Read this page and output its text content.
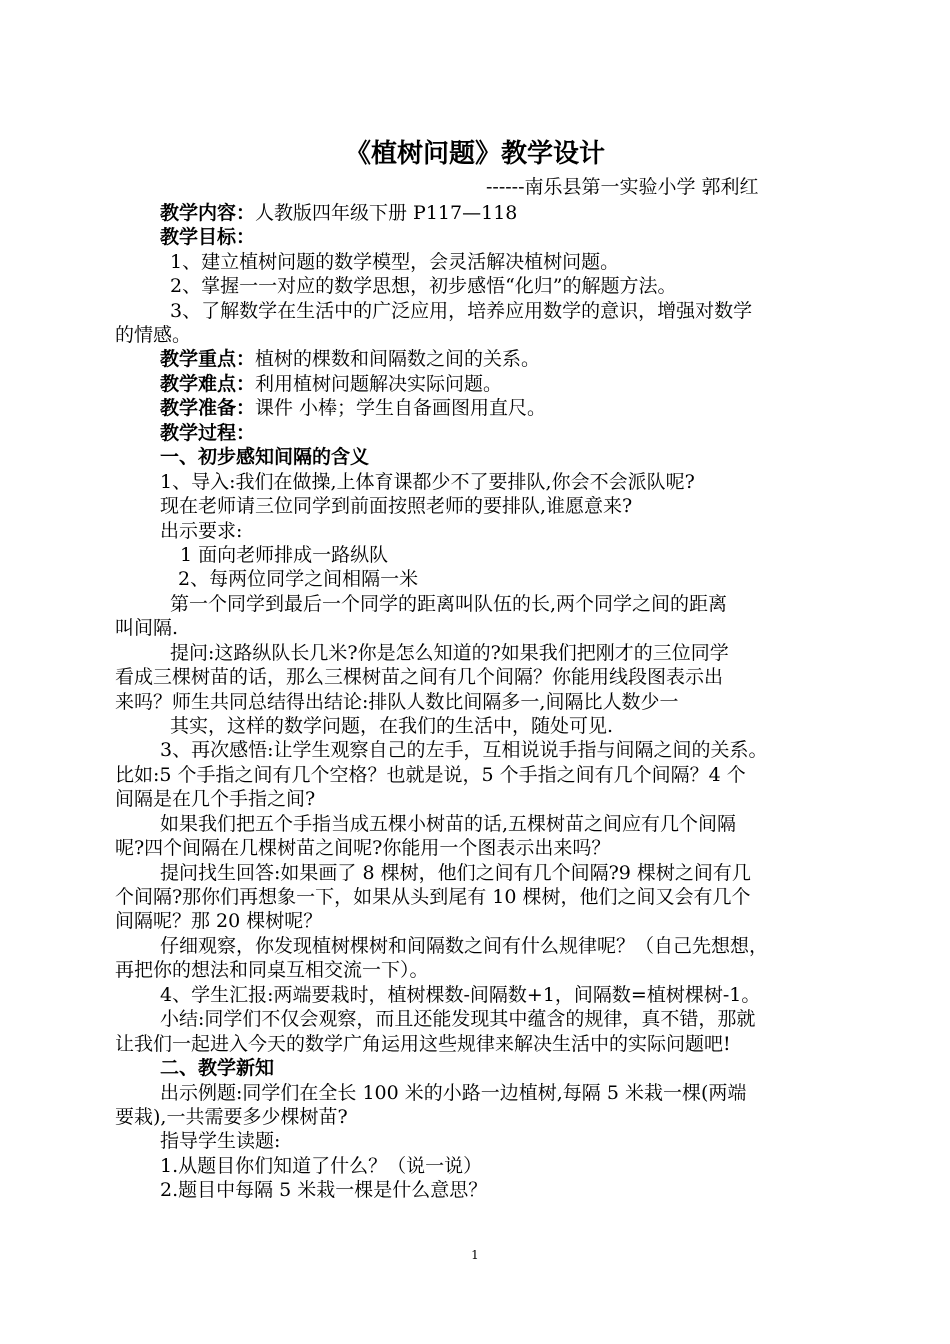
《植树问题》教学设计
------南乐县第一实验小学 郭利红
教学内容：人教版四年级下册 P117—118
教学目标：
1、建立植树问题的数学模型，会灵活解决植树问题。
2、掌握一一对应的数学思想，初步感悟“化归”的解题方法。
3、了解数学在生活中的广泛应用，培养应用数学的意识，增强对数学
的情感。
教学重点：植树的棵数和间隔数之间的关系。
教学难点：利用植树问题解决实际问题。
教学准备：课件 小棒；学生自备画图用直尺。
教学过程：
一、初步感知间隔的含义
1、导入:我们在做操,上体育课都少不了要排队,你会不会派队呢?
现在老师请三位同学到前面按照老师的要排队,谁愿意来?
出示要求:
1 面向老师排成一路纵队
2、每两位同学之间相隔一米
第一个同学到最后一个同学的距离叫队伍的长,两个同学之间的距离
叫间隔.
提问:这路纵队长几米?你是怎么知道的?如果我们把刚才的三位同学
看成三棵树苗的话，那么三棵树苗之间有几个间隔？你能用线段图表示出
来吗？师生共同总结得出结论:排队人数比间隔多一,间隔比人数少一
其实，这样的数学问题，在我们的生活中，随处可见.
3、再次感悟:让学生观察自己的左手，互相说说手指与间隔之间的关系。
比如:5 个手指之间有几个空格？也就是说，5 个手指之间有几个间隔？4 个
间隔是在几个手指之间?
如果我们把五个手指当成五棵小树苗的话,五棵树苗之间应有几个间隔
呢?四个间隔在几棵树苗之间呢?你能用一个图表示出来吗？
提问找生回答:如果画了 8 棵树，他们之间有几个间隔?9 棵树之间有几
个间隔?那你们再想象一下，如果从头到尾有 10 棵树，他们之间又会有几个
间隔呢？那 20 棵树呢？
仔细观察，你发现植树棵树和间隔数之间有什么规律呢？（自己先想想，
再把你的想法和同桌互相交流一下）。
4、学生汇报:两端要栽时，植树棵数-间隔数+1，间隔数=植树棵树-1。
小结:同学们不仅会观察，而且还能发现其中蕴含的规律，真不错，那就
让我们一起进入今天的数学广角运用这些规律来解决生活中的实际问题吧!
二、教学新知
出示例题:同学们在全长 100 米的小路一边植树,每隔 5 米栽一棵(两端
要栽),一共需要多少棵树苗?
指导学生读题:
1.从题目你们知道了什么？（说一说）
2.题目中每隔 5 米栽一棵是什么意思？
1
